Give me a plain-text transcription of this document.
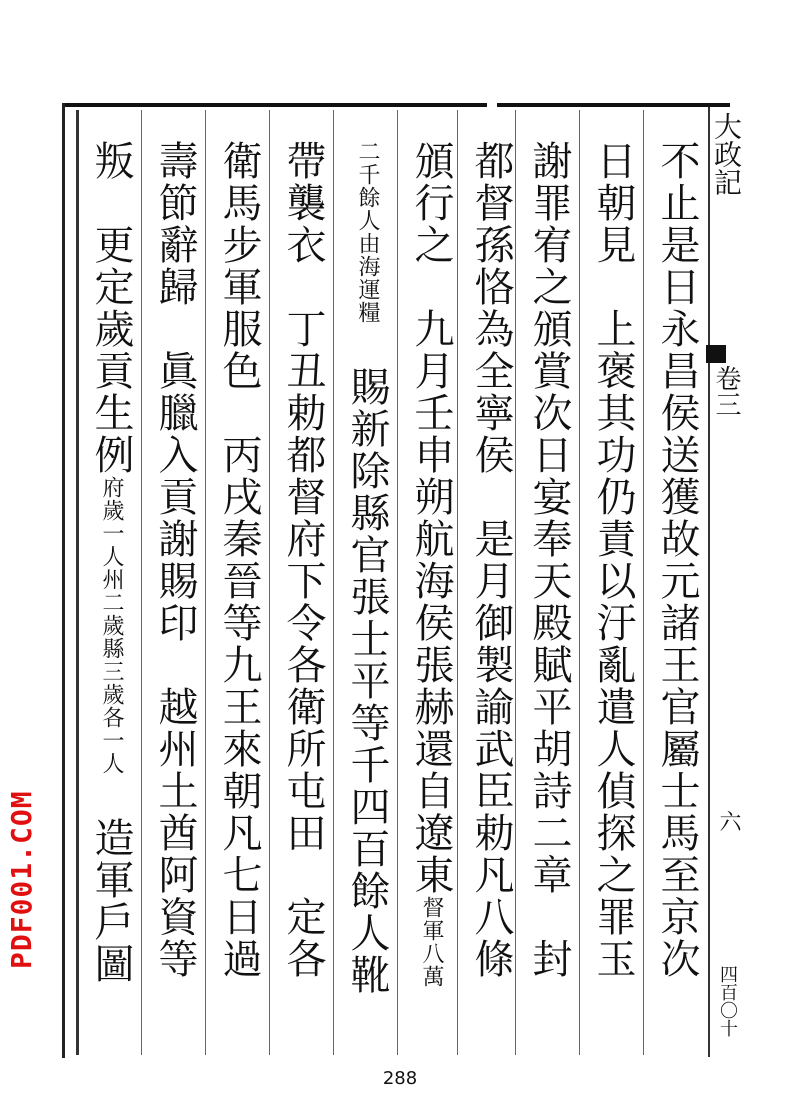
大政記
卷三
六
四百〇十
不止是日永昌侯送獲故元諸王官屬士馬至京次
日朝見　上褒其功仍責以汙亂遣人偵探之罪玉
謝罪宥之頒賞次日宴奉天殿賦平胡詩二章　封
都督孫恪為全寧侯　是月御製諭武臣勅凡八條
頒行之　九月壬申朔航海侯張赫還自遼東督軍八萬
二千餘人由海運糧　賜新除縣官張士平等千四百餘人靴
帶襲衣　丁丑勅都督府下令各衛所屯田　定各
衛馬步軍服色　丙戌秦晉等九王來朝凡七日過
壽節辭歸　眞臘入貢謝賜印　越州土酋阿資等
叛　更定歲貢生例府歲一人州二歲縣三歲各一人　造軍戶圖
PDF001.COM
288
